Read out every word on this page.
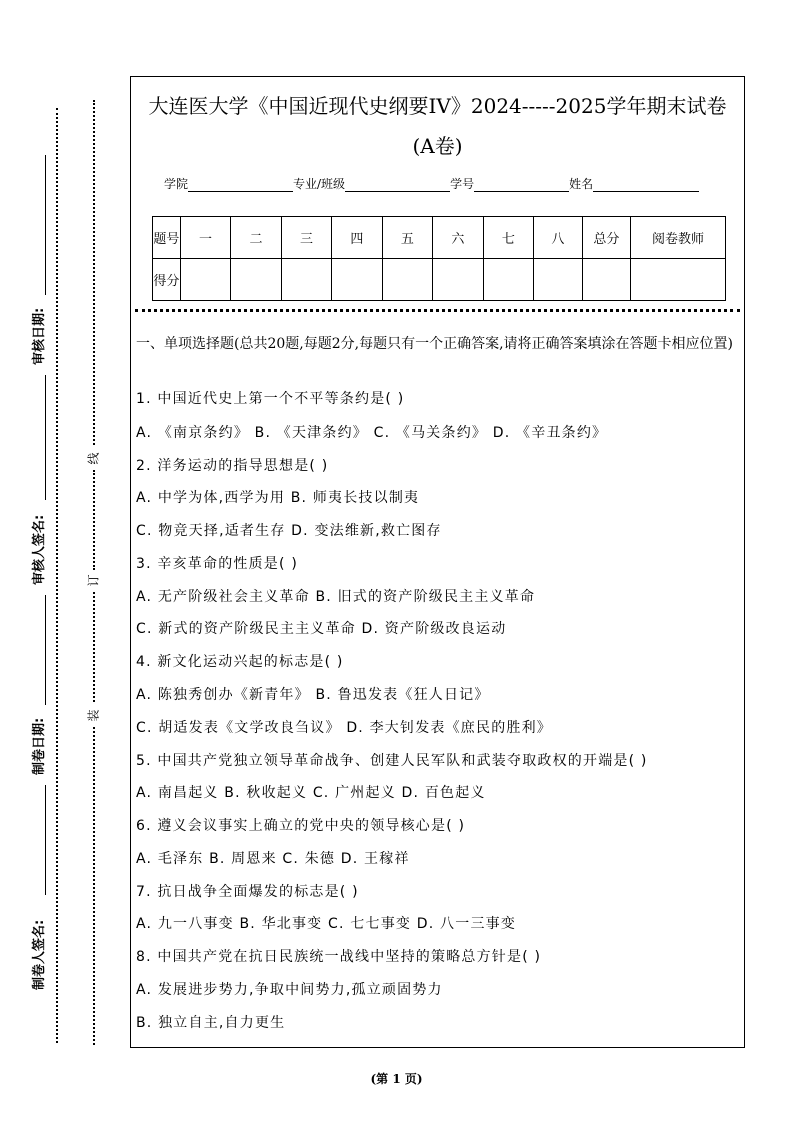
审核日期:
审核人签名:
制卷日期:
制卷人签名:
线
订
装
大连医大学《中国近现代史纲要IV》2024-----2025学年期末试卷
(A卷)
学院	专业/班级	学号	姓名
题号	一	二	三	四	五	六	七	八	总分	阅卷教师
得分										
一、单项选择题(总共20题,每题2分,每题只有一个正确答案,请将正确答案填涂在答题卡相应位置)
1. 中国近代史上第一个不平等条约是( )
A. 《南京条约》 B. 《天津条约》 C. 《马关条约》 D. 《辛丑条约》
2. 洋务运动的指导思想是( )
A. 中学为体,西学为用 B. 师夷长技以制夷
C. 物竞天择,适者生存 D. 变法维新,救亡图存
3. 辛亥革命的性质是( )
A. 无产阶级社会主义革命 B. 旧式的资产阶级民主主义革命
C. 新式的资产阶级民主主义革命 D. 资产阶级改良运动
4. 新文化运动兴起的标志是( )
A. 陈独秀创办《新青年》 B. 鲁迅发表《狂人日记》
C. 胡适发表《文学改良刍议》 D. 李大钊发表《庶民的胜利》
5. 中国共产党独立领导革命战争、创建人民军队和武装夺取政权的开端是( )
A. 南昌起义 B. 秋收起义 C. 广州起义 D. 百色起义
6. 遵义会议事实上确立的党中央的领导核心是( )
A. 毛泽东 B. 周恩来 C. 朱德 D. 王稼祥
7. 抗日战争全面爆发的标志是( )
A. 九一八事变 B. 华北事变 C. 七七事变 D. 八一三事变
8. 中国共产党在抗日民族统一战线中坚持的策略总方针是( )
A. 发展进步势力,争取中间势力,孤立顽固势力
B. 独立自主,自力更生
(第 1 页)
